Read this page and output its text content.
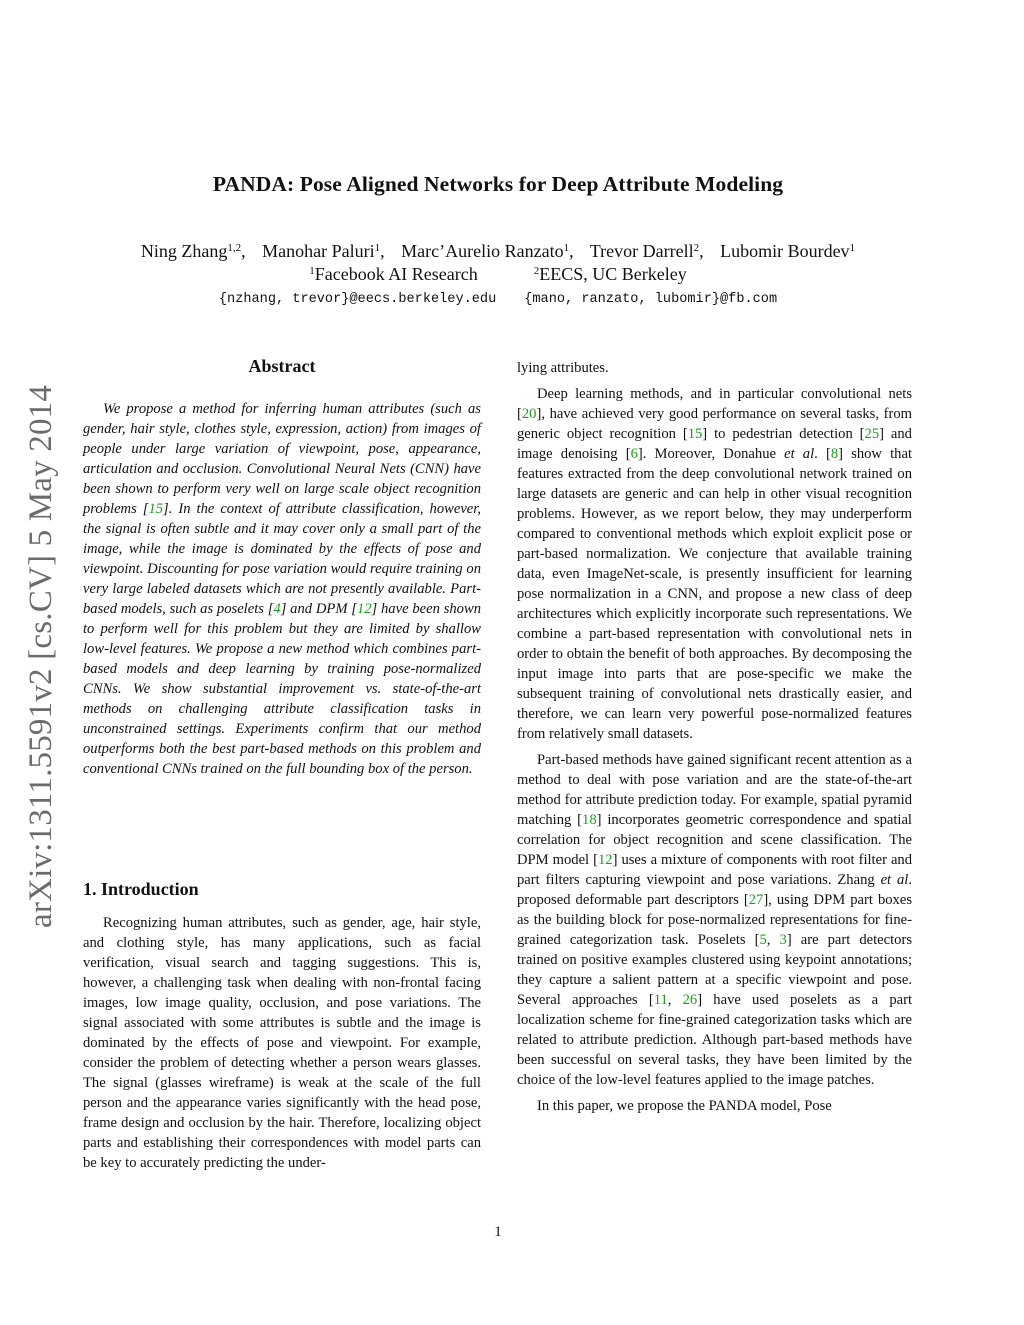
arXiv:1311.5591v2 [cs.CV] 5 May 2014
PANDA: Pose Aligned Networks for Deep Attribute Modeling
Ning Zhang$^{1,2}$, Manohar Paluri$^1$, Marc’Aurelio Ranzato$^1$, Trevor Darrell$^2$, Lubomir Bourdev$^1$
$^1$Facebook AI Research	$^2$EECS, UC Berkeley
{nzhang, trevor}@eecs.berkeley.edu {mano, ranzato, lubomir}@fb.com
Abstract

We propose a method for inferring human attributes (such as gender, hair style, clothes style, expression, action) from images of people under large variation of viewpoint, pose, appearance, articulation and occlusion. Convolutional Neural Nets (CNN) have been shown to perform very well on large scale object recognition problems [15]. In the context of attribute classification, however, the signal is often subtle and it may cover only a small part of the image, while the image is dominated by the effects of pose and viewpoint. Discounting for pose variation would require training on very large labeled datasets which are not presently available. Part-based models, such as poselets [4] and DPM [12] have been shown to perform well for this problem but they are limited by shallow low-level features. We propose a new method which combines part-based models and deep learning by training pose-normalized CNNs. We show substantial improvement vs. state-of-the-art methods on challenging attribute classification tasks in unconstrained settings. Experiments confirm that our method outperforms both the best part-based methods on this problem and conventional CNNs trained on the full bounding box of the person.

1. Introduction

Recognizing human attributes, such as gender, age, hair style, and clothing style, has many applications, such as facial verification, visual search and tagging suggestions. This is, however, a challenging task when dealing with non-frontal facing images, low image quality, occlusion, and pose variations. The signal associated with some attributes is subtle and the image is dominated by the effects of pose and viewpoint. For example, consider the problem of detecting whether a person wears glasses. The signal (glasses wireframe) is weak at the scale of the full person and the appearance varies significantly with the head pose, frame design and occlusion by the hair. Therefore, localizing object parts and establishing their correspondences with model parts can be key to accurately predicting the under-

lying attributes.

Deep learning methods, and in particular convolutional nets [20], have achieved very good performance on several tasks, from generic object recognition [15] to pedestrian detection [25] and image denoising [6]. Moreover, Donahue et al. [8] show that features extracted from the deep convolutional network trained on large datasets are generic and can help in other visual recognition problems. However, as we report below, they may underperform compared to conventional methods which exploit explicit pose or part-based normalization. We conjecture that available training data, even ImageNet-scale, is presently insufficient for learning pose normalization in a CNN, and propose a new class of deep architectures which explicitly incorporate such representations. We combine a part-based representation with convolutional nets in order to obtain the benefit of both approaches. By decomposing the input image into parts that are pose-specific we make the subsequent training of convolutional nets drastically easier, and therefore, we can learn very powerful pose-normalized features from relatively small datasets.

Part-based methods have gained significant recent attention as a method to deal with pose variation and are the state-of-the-art method for attribute prediction today. For example, spatial pyramid matching [18] incorporates geometric correspondence and spatial correlation for object recognition and scene classification. The DPM model [12] uses a mixture of components with root filter and part filters capturing viewpoint and pose variations. Zhang et al. proposed deformable part descriptors [27], using DPM part boxes as the building block for pose-normalized representations for fine-grained categorization task. Poselets [5, 3] are part detectors trained on positive examples clustered using keypoint annotations; they capture a salient pattern at a specific viewpoint and pose. Several approaches [11, 26] have used poselets as a part localization scheme for fine-grained categorization tasks which are related to attribute prediction. Although part-based methods have been successful on several tasks, they have been limited by the choice of the low-level features applied to the image patches.

In this paper, we propose the PANDA model, Pose

1
